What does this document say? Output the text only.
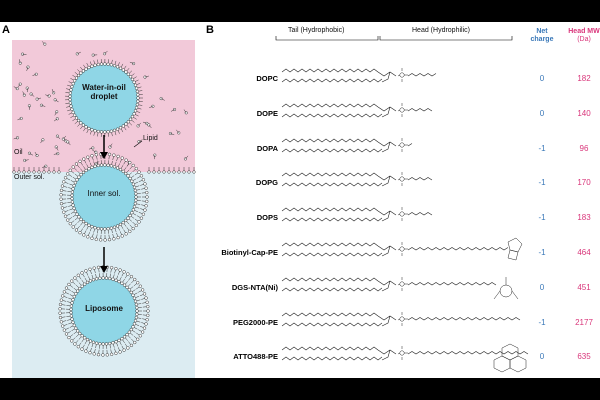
A
Water-in-oil droplet
Oil
Lipid
Outer sol.
Inner sol.
Liposome
B	Tail (Hydrophobic)	Head (Hydrophilic)	Net charge
Head MW
(Da)
DOPC	0	182
DOPE	0	140
DOPA	-1	96
DOPG	-1	170
DOPS	-1	183
Biotinyl-Cap-PE	-1	464
DGS-NTA(Ni)	0	451
PEG2000-PE	-1	2177
ATTO488-PE	0	635
